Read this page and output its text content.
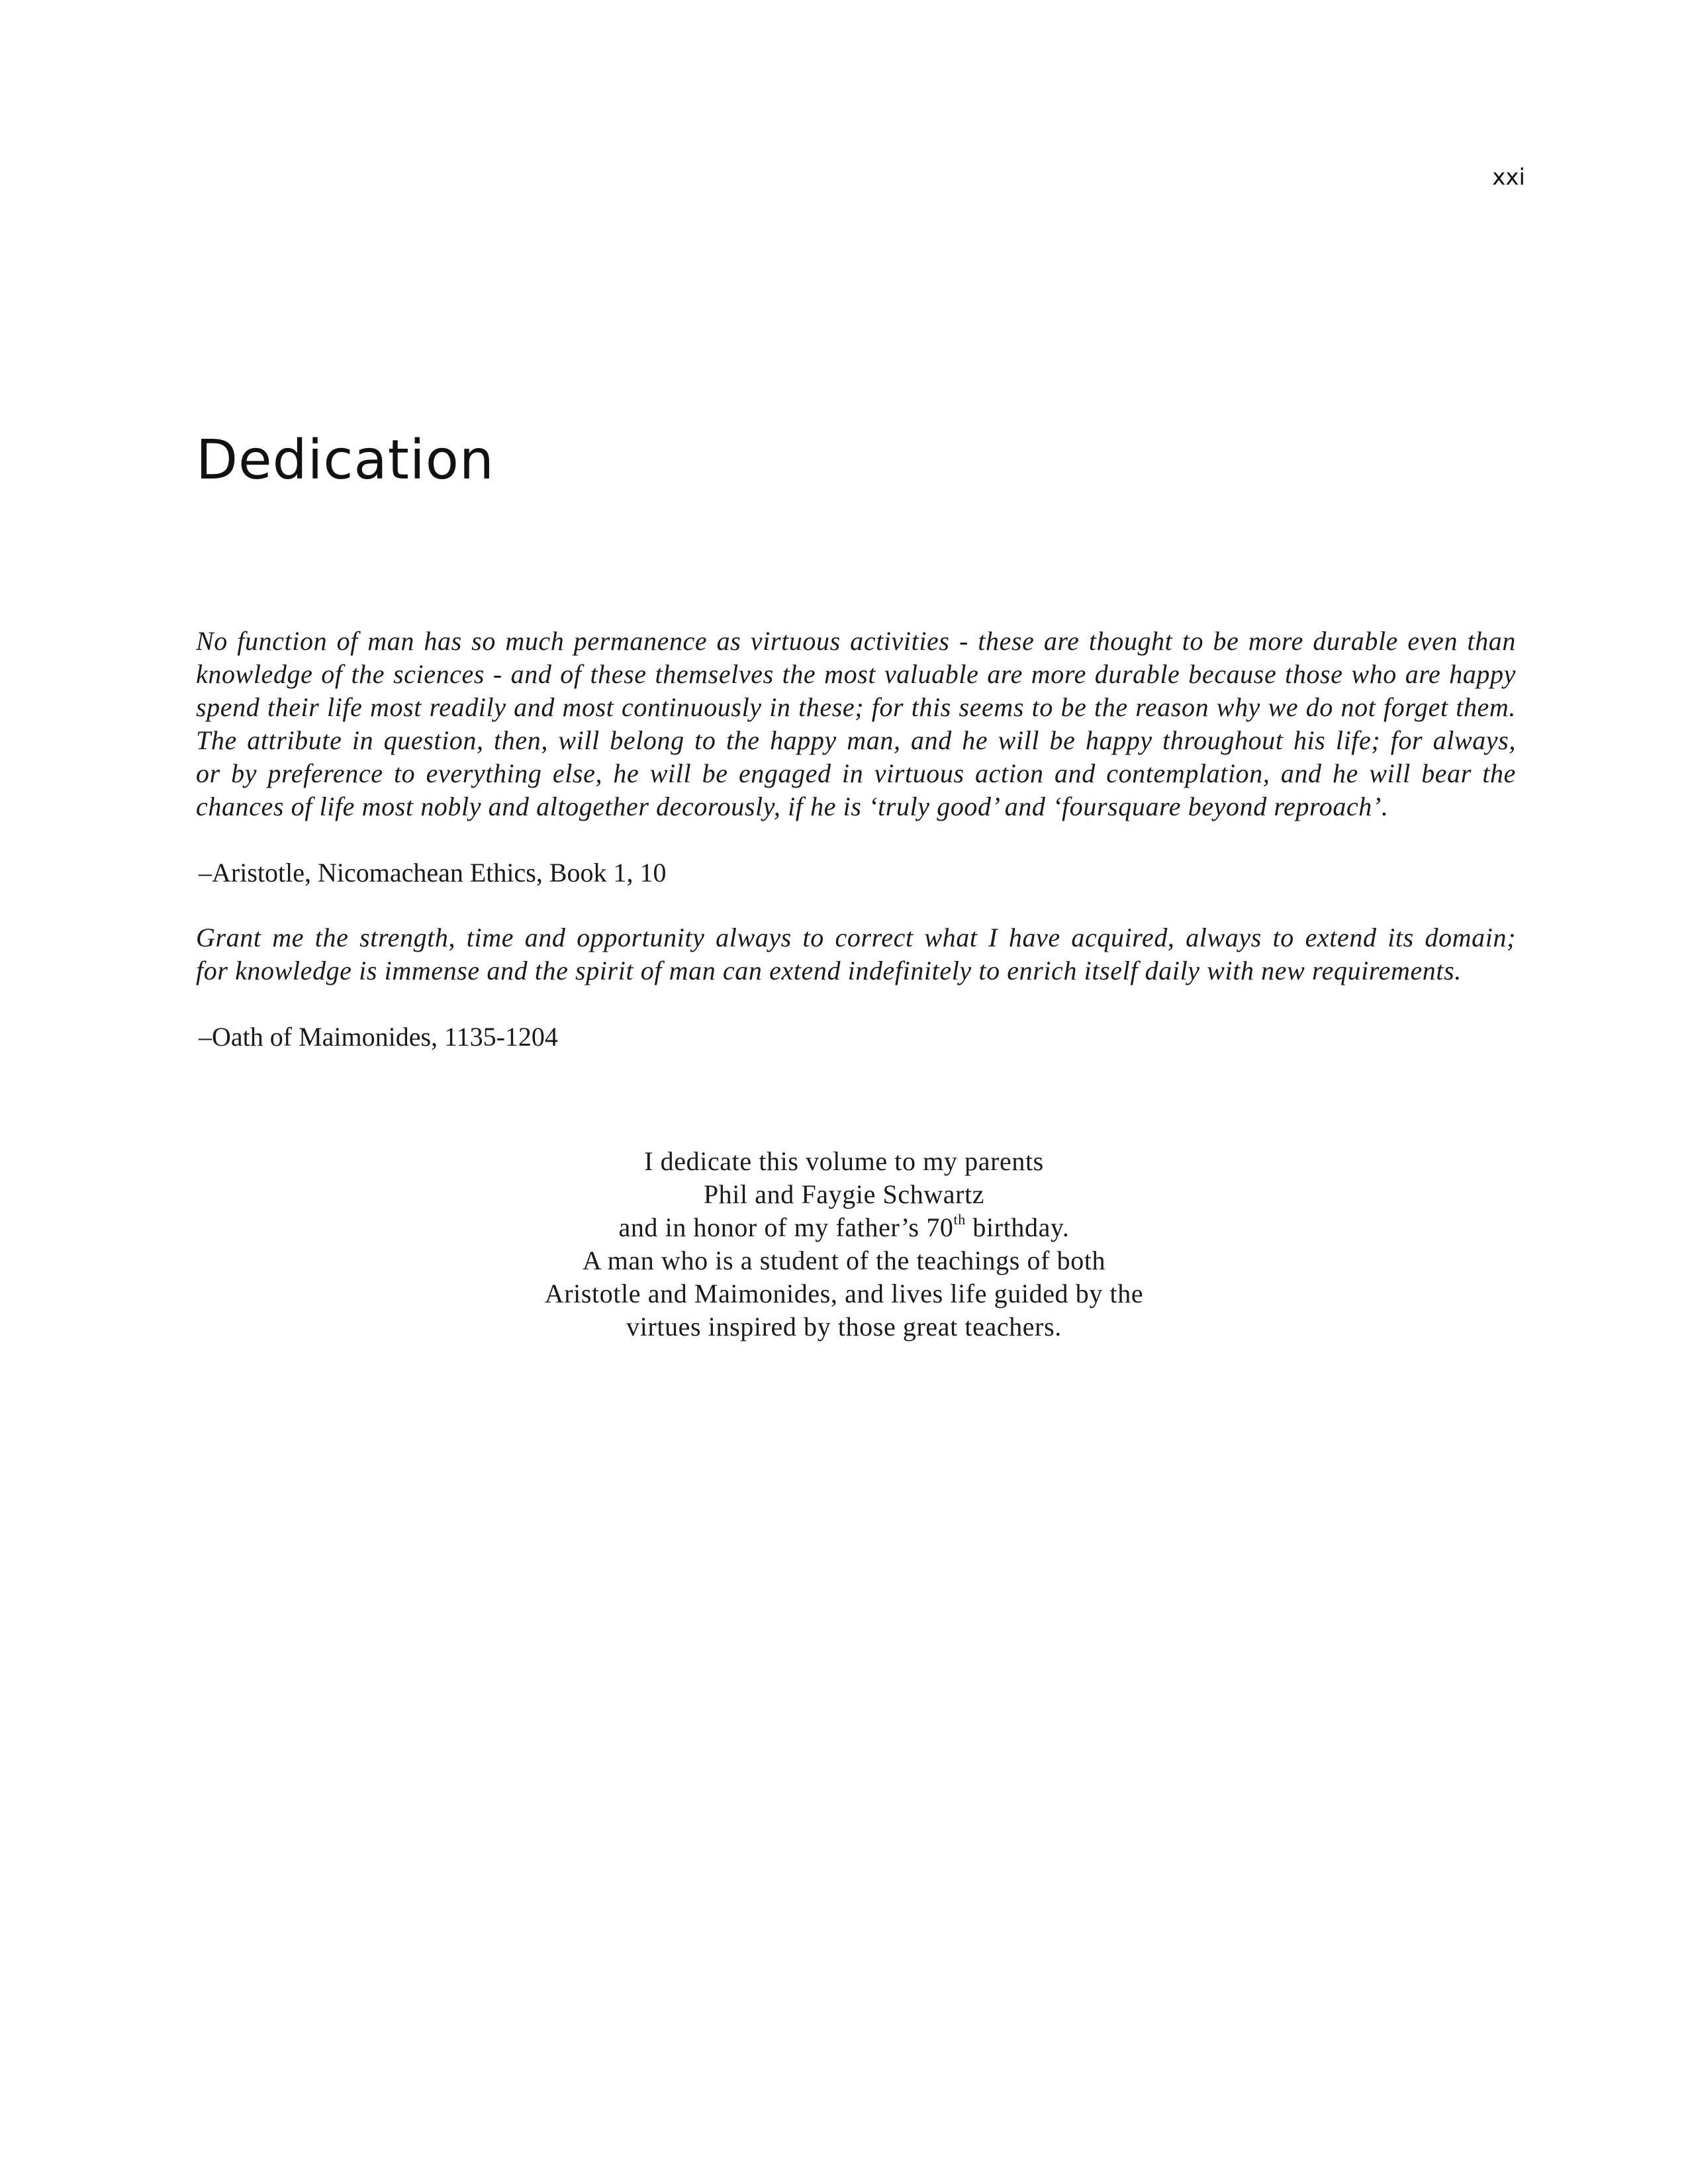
xxi
Dedication

No function of man has so much permanence as virtuous activities - these are thought to be more durable even than
knowledge of the sciences - and of these themselves the most valuable are more durable because those who are happy
spend their life most readily and most continuously in these; for this seems to be the reason why we do not forget them.
The attribute in question, then, will belong to the happy man, and he will be happy throughout his life; for always,
or by preference to everything else, he will be engaged in virtuous action and contemplation, and he will bear the
chances of life most nobly and altogether decorously, if he is ‘truly good’ and ‘foursquare beyond reproach’.

–Aristotle, Nicomachean Ethics, Book 1, 10

Grant me the strength, time and opportunity always to correct what I have acquired, always to extend its domain;
for knowledge is immense and the spirit of man can extend indefinitely to enrich itself daily with new requirements.

–Oath of Maimonides, 1135-1204

I dedicate this volume to my parents
Phil and Faygie Schwartz
and in honor of my father’s 70th birthday.
A man who is a student of the teachings of both
Aristotle and Maimonides, and lives life guided by the
virtues inspired by those great teachers.
